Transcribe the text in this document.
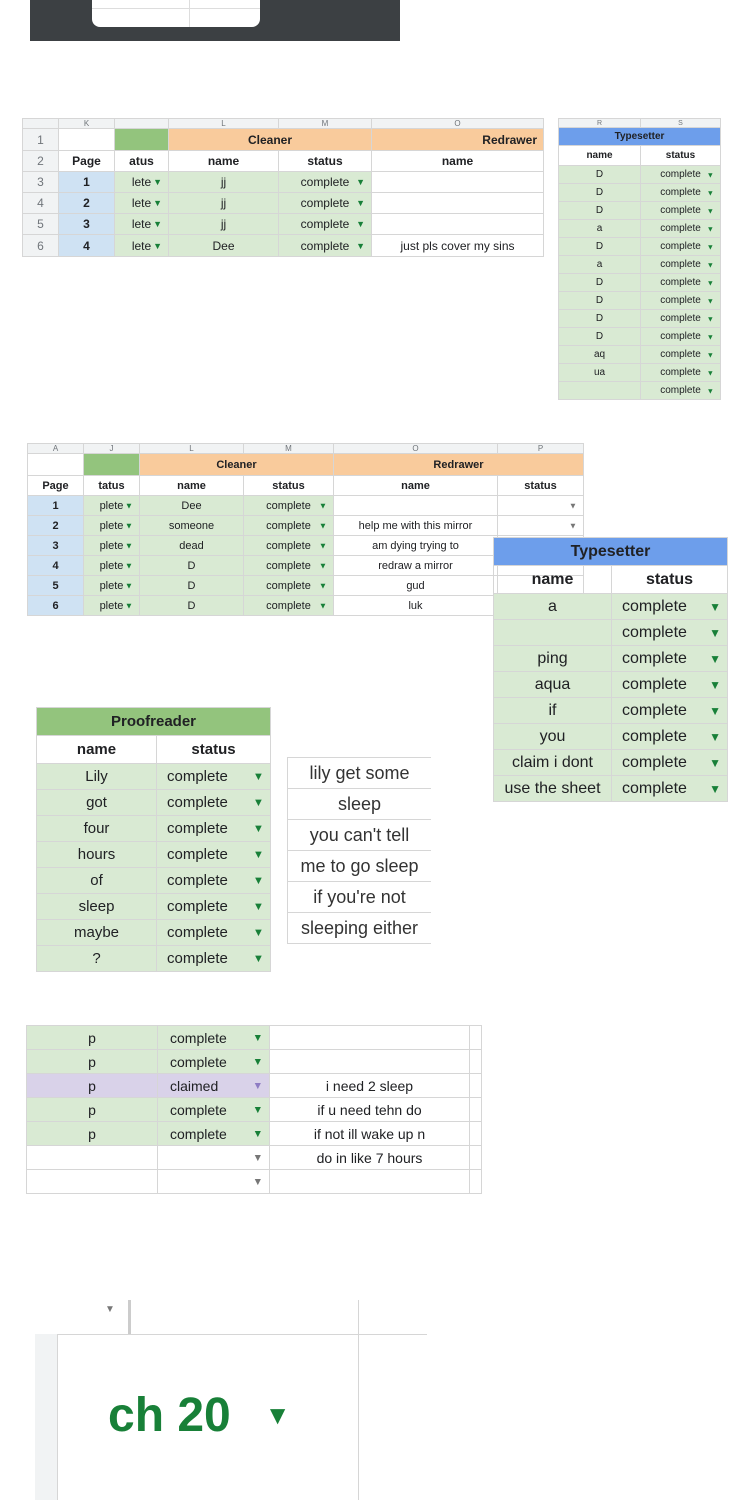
	K		L	M	O
1			Cleaner		Redrawer
2	Page	atus	name	status	name
3	1	lete ▼	jj	complete ▼	

4	2	lete ▼	jj	complete ▼	

5	3	lete ▼	jj	complete ▼	

6	4	lete ▼	Dee	complete ▼	just pls cover my sins
R	S
Typesetter	
name	status
D	complete ▼

D	complete ▼

D	complete ▼

a	complete ▼

D	complete ▼

a	complete ▼

D	complete ▼

D	complete ▼

D	complete ▼

D	complete ▼

aq	complete ▼

ua	complete ▼

	complete ▼
A	J	L	M	O	P
		Cleaner		Redrawer	
Page	tatus	name	status	name	status
1	plete ▼	Dee	complete ▼		▼

2	plete ▼	someone	complete ▼	help me with this mirror	▼

3	plete ▼	dead	complete ▼	am dying trying to	
4	plete ▼	D	complete ▼	redraw a mirror	
5	plete ▼	D	complete ▼	gud	
6	plete ▼	D	complete ▼	luk	
Typesetter	
name	status
a	complete ▼

	complete ▼

ping	complete ▼

aqua	complete ▼

if	complete ▼

you	complete ▼

claim i dont	complete ▼

use the sheet	complete ▼
Proofreader	
name	status
Lily	complete ▼

got	complete ▼

four	complete ▼

hours	complete ▼

of	complete ▼

sleep	complete ▼

maybe	complete ▼

?	complete ▼
lily get some
sleep
you can't tell
me to go sleep
if you're not
sleeping either
p	complete ▼		

p	complete ▼		

p	claimed ▼	i need 2 sleep	
p	complete ▼	if u need tehn do	
p	complete ▼	if not ill wake up n	

	▼	do in like 7 hours	

	▼		

▼
ch 20 ▼
